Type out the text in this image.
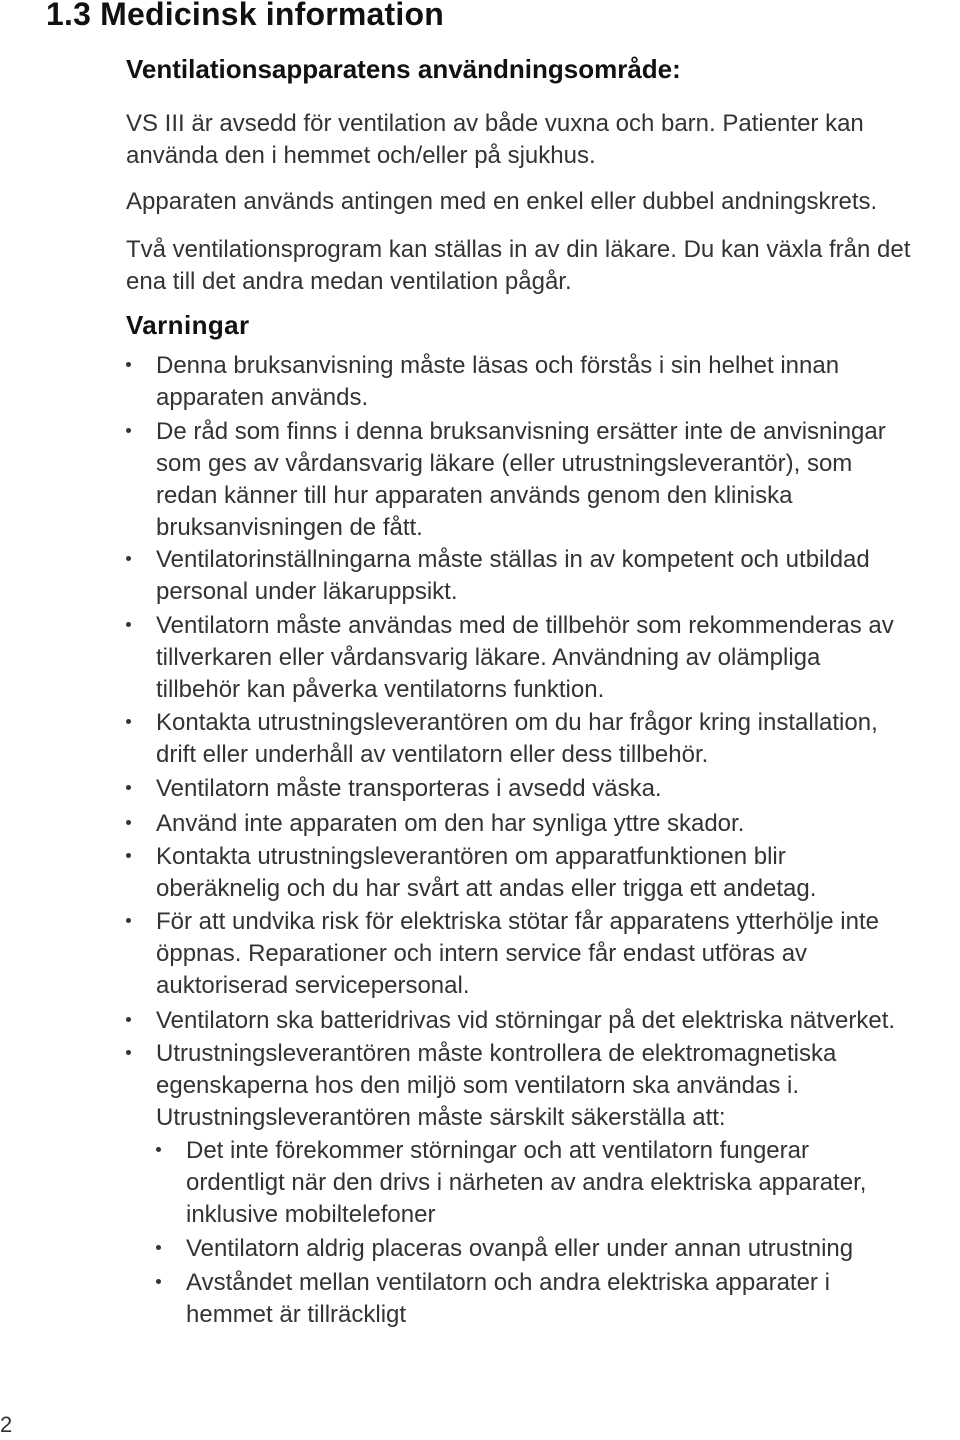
1.3 Medicinsk information
Ventilationsapparatens användningsområde:

VS III är avsedd för ventilation av både vuxna och barn. Patienter kan använda den i hemmet och/eller på sjukhus.

Apparaten används antingen med en enkel eller dubbel andningskrets.

Två ventilationsprogram kan ställas in av din läkare. Du kan växla från det ena till det andra medan ventilation pågår.

Varningar
Denna bruksanvisning måste läsas och förstås i sin helhet innan
apparaten används.
De råd som finns i denna bruksanvisning ersätter inte de anvisningar
som ges av vårdansvarig läkare (eller utrustningsleverantör), som
redan känner till hur apparaten används genom den kliniska
bruksanvisningen de fått.
Ventilatorinställningarna måste ställas in av kompetent och utbildad
personal under läkaruppsikt.
Ventilatorn måste användas med de tillbehör som rekommenderas av
tillverkaren eller vårdansvarig läkare. Användning av olämpliga
tillbehör kan påverka ventilatorns funktion.
Kontakta utrustningsleverantören om du har frågor kring installation,
drift eller underhåll av ventilatorn eller dess tillbehör.
Ventilatorn måste transporteras i avsedd väska.
Använd inte apparaten om den har synliga yttre skador.
Kontakta utrustningsleverantören om apparatfunktionen blir
oberäknelig och du har svårt att andas eller trigga ett andetag.
För att undvika risk för elektriska stötar får apparatens ytterhölje inte
öppnas. Reparationer och intern service får endast utföras av
auktoriserad servicepersonal.
Ventilatorn ska batteridrivas vid störningar på det elektriska nätverket.
Utrustningsleverantören måste kontrollera de elektromagnetiska
egenskaperna hos den miljö som ventilatorn ska användas i.
Utrustningsleverantören måste särskilt säkerställa att:
Det inte förekommer störningar och att ventilatorn fungerar
ordentligt när den drivs i närheten av andra elektriska apparater,
inklusive mobiltelefoner
Ventilatorn aldrig placeras ovanpå eller under annan utrustning
Avståndet mellan ventilatorn och andra elektriska apparater i
hemmet är tillräckligt
2
